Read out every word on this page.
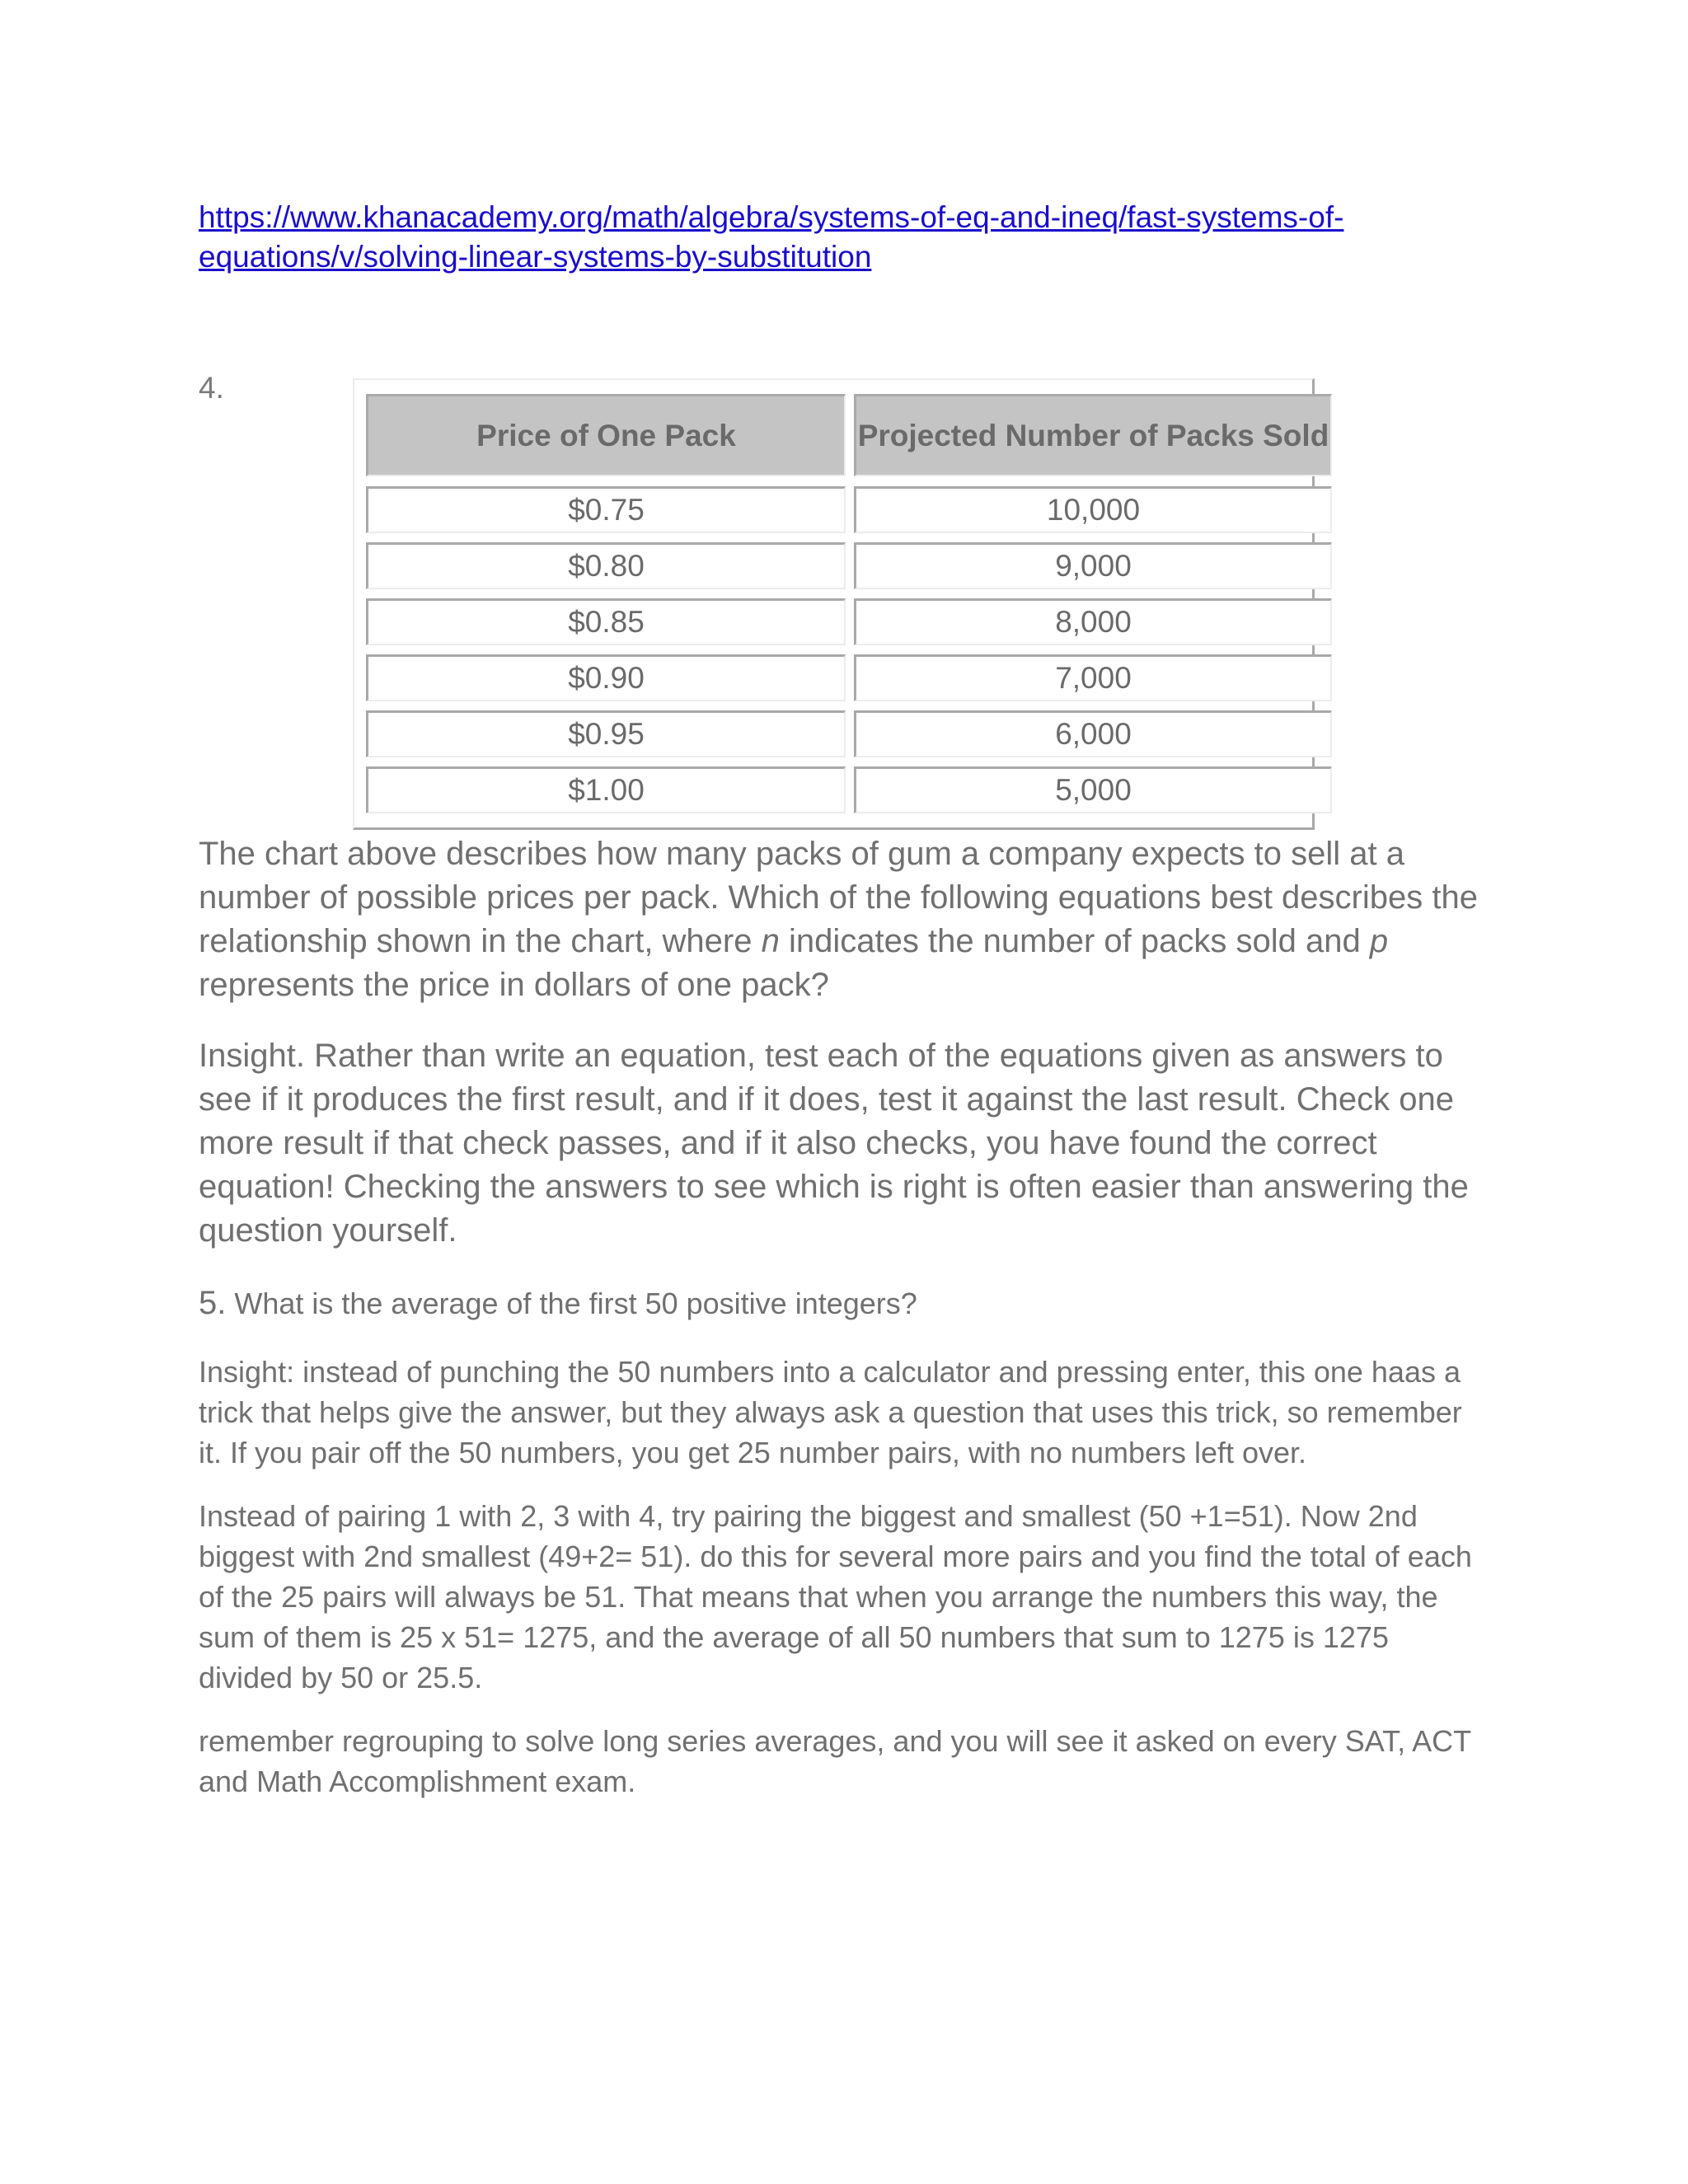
https://www.khanacademy.org/math/algebra/systems-of-eq-and-ineq/fast-systems-of-
equations/v/solving-linear-systems-by-substitution
4.
Price of One Pack	Projected Number of Packs Sold
$0.75	10,000
$0.80	9,000
$0.85	8,000
$0.90	7,000
$0.95	6,000
$1.00	5,000

The chart above describes how many packs of gum a company expects to sell at a number of possible prices per pack. Which of the following equations best describes the relationship shown in the chart, where n indicates the number of packs sold and p represents the price in dollars of one pack?

Insight. Rather than write an equation, test each of the equations given as answers to see if it produces the first result, and if it does, test it against the last result. Check one more result if that check passes, and if it also checks, you have found the correct equation! Checking the answers to see which is right is often easier than answering the question yourself.

5. What is the average of the first 50 positive integers?

Insight: instead of punching the 50 numbers into a calculator and pressing enter, this one haas a trick that helps give the answer, but they always ask a question that uses this trick, so remember it. If you pair off the 50 numbers, you get 25 number pairs, with no numbers left over.

Instead of pairing 1 with 2, 3 with 4, try pairing the biggest and smallest (50 +1=51). Now 2nd biggest with 2nd smallest (49+2= 51). do this for several more pairs and you find the total of each of the 25 pairs will always be 51. That means that when you arrange the numbers this way, the sum of them is 25 x 51= 1275, and the average of all 50 numbers that sum to 1275 is 1275 divided by 50 or 25.5.

remember regrouping to solve long series averages, and you will see it asked on every SAT, ACT and Math Accomplishment exam.
